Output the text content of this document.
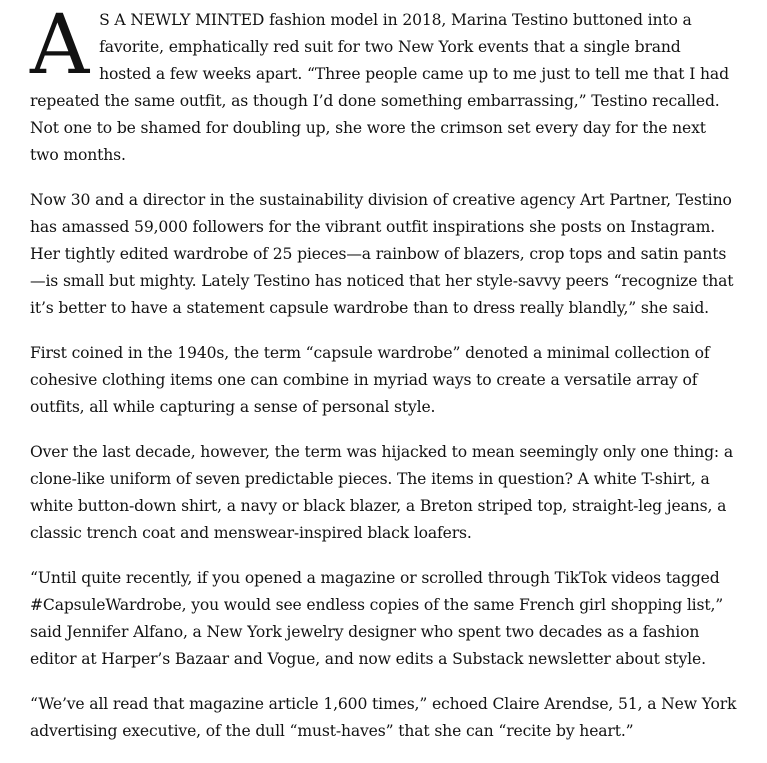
A S A NEWLY MINTED fashion model in 2018, Marina Testino buttoned into a favorite, emphatically red suit for two New York events that a single brand hosted a few weeks apart. “Three people came up to me just to tell me that I had repeated the same outfit, as though I’d done something embarrassing,” Testino recalled. Not one to be shamed for doubling up, she wore the crimson set every day for the next two months.

Now 30 and a director in the sustainability division of creative agency Art Partner, Testino has amassed 59,000 followers for the vibrant outfit inspirations she posts on Instagram. Her tightly edited wardrobe of 25 pieces—a rainbow of blazers, crop tops and satin pants—is small but mighty. Lately Testino has noticed that her style-savvy peers “recognize that it’s better to have a statement capsule wardrobe than to dress really blandly,” she said.

First coined in the 1940s, the term “capsule wardrobe” denoted a minimal collection of cohesive clothing items one can combine in myriad ways to create a versatile array of outfits, all while capturing a sense of personal style.

Over the last decade, however, the term was hijacked to mean seemingly only one thing: a clone-like uniform of seven predictable pieces. The items in question? A white T-shirt, a white button-down shirt, a navy or black blazer, a Breton striped top, straight-leg jeans, a classic trench coat and menswear-inspired black loafers.

“Until quite recently, if you opened a magazine or scrolled through TikTok videos tagged #CapsuleWardrobe, you would see endless copies of the same French girl shopping list,” said Jennifer Alfano, a New York jewelry designer who spent two decades as a fashion editor at Harper’s Bazaar and Vogue, and now edits a Substack newsletter about style.

“We’ve all read that magazine article 1,600 times,” echoed Claire Arendse, 51, a New York advertising executive, of the dull “must-haves” that she can “recite by heart.”
